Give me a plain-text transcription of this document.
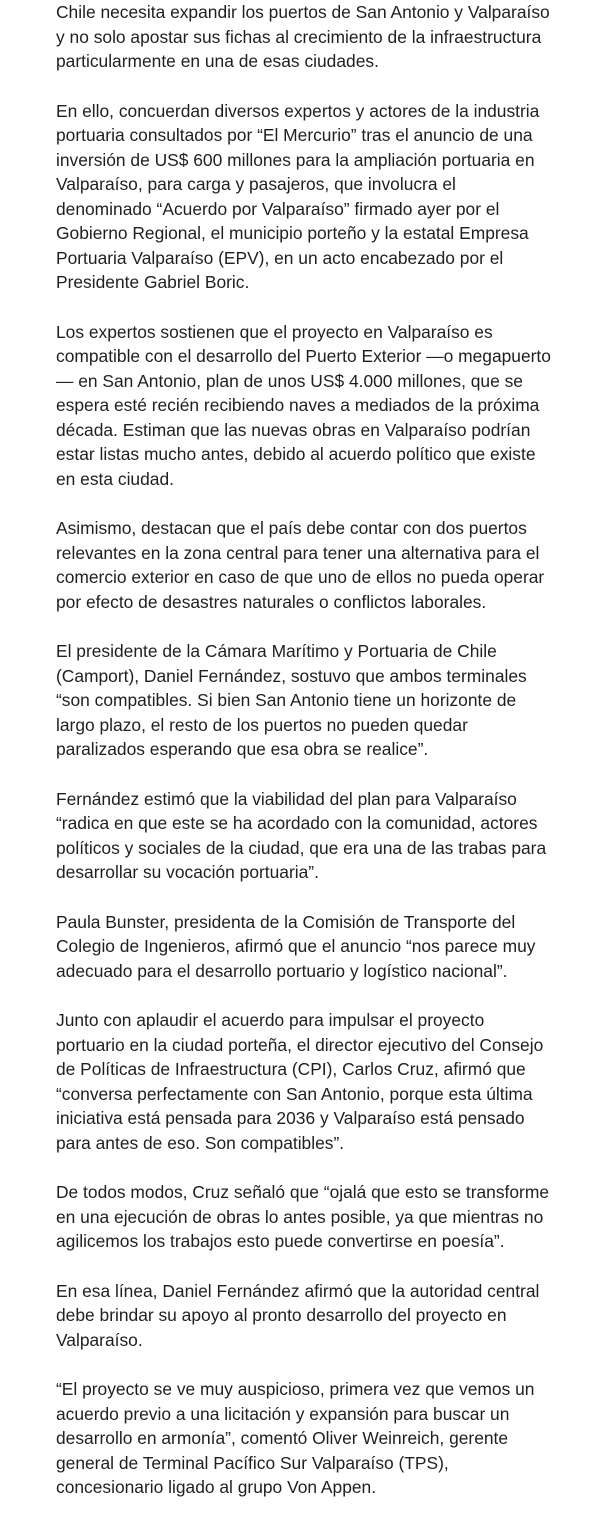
Chile necesita expandir los puertos de San Antonio y Valparaíso y no solo apostar sus fichas al crecimiento de la infraestructura particularmente en una de esas ciudades.

En ello, concuerdan diversos expertos y actores de la industria portuaria consultados por “El Mercurio” tras el anuncio de una inversión de US$ 600 millones para la ampliación portuaria en Valparaíso, para carga y pasajeros, que involucra el denominado “Acuerdo por Valparaíso” firmado ayer por el Gobierno Regional, el municipio porteño y la estatal Empresa Portuaria Valparaíso (EPV), en un acto encabezado por el Presidente Gabriel Boric.

Los expertos sostienen que el proyecto en Valparaíso es compatible con el desarrollo del Puerto Exterior —o megapuerto— en San Antonio, plan de unos US$ 4.000 millones, que se espera esté recién recibiendo naves a mediados de la próxima década. Estiman que las nuevas obras en Valparaíso podrían estar listas mucho antes, debido al acuerdo político que existe en esta ciudad.

Asimismo, destacan que el país debe contar con dos puertos relevantes en la zona central para tener una alternativa para el comercio exterior en caso de que uno de ellos no pueda operar por efecto de desastres naturales o conflictos laborales.

El presidente de la Cámara Marítimo y Portuaria de Chile (Camport), Daniel Fernández, sostuvo que ambos terminales “son compatibles. Si bien San Antonio tiene un horizonte de largo plazo, el resto de los puertos no pueden quedar paralizados esperando que esa obra se realice”.

Fernández estimó que la viabilidad del plan para Valparaíso “radica en que este se ha acordado con la comunidad, actores políticos y sociales de la ciudad, que era una de las trabas para desarrollar su vocación portuaria”.

Paula Bunster, presidenta de la Comisión de Transporte del Colegio de Ingenieros, afirmó que el anuncio “nos parece muy adecuado para el desarrollo portuario y logístico nacional”.

Junto con aplaudir el acuerdo para impulsar el proyecto portuario en la ciudad porteña, el director ejecutivo del Consejo de Políticas de Infraestructura (CPI), Carlos Cruz, afirmó que “conversa perfectamente con San Antonio, porque esta última iniciativa está pensada para 2036 y Valparaíso está pensado para antes de eso. Son compatibles”.

De todos modos, Cruz señaló que “ojalá que esto se transforme en una ejecución de obras lo antes posible, ya que mientras no agilicemos los trabajos esto puede convertirse en poesía”.

En esa línea, Daniel Fernández afirmó que la autoridad central debe brindar su apoyo al pronto desarrollo del proyecto en Valparaíso.

“El proyecto se ve muy auspicioso, primera vez que vemos un acuerdo previo a una licitación y expansión para buscar un desarrollo en armonía”, comentó Oliver Weinreich, gerente general de Terminal Pacífico Sur Valparaíso (TPS), concesionario ligado al grupo Von Appen.
